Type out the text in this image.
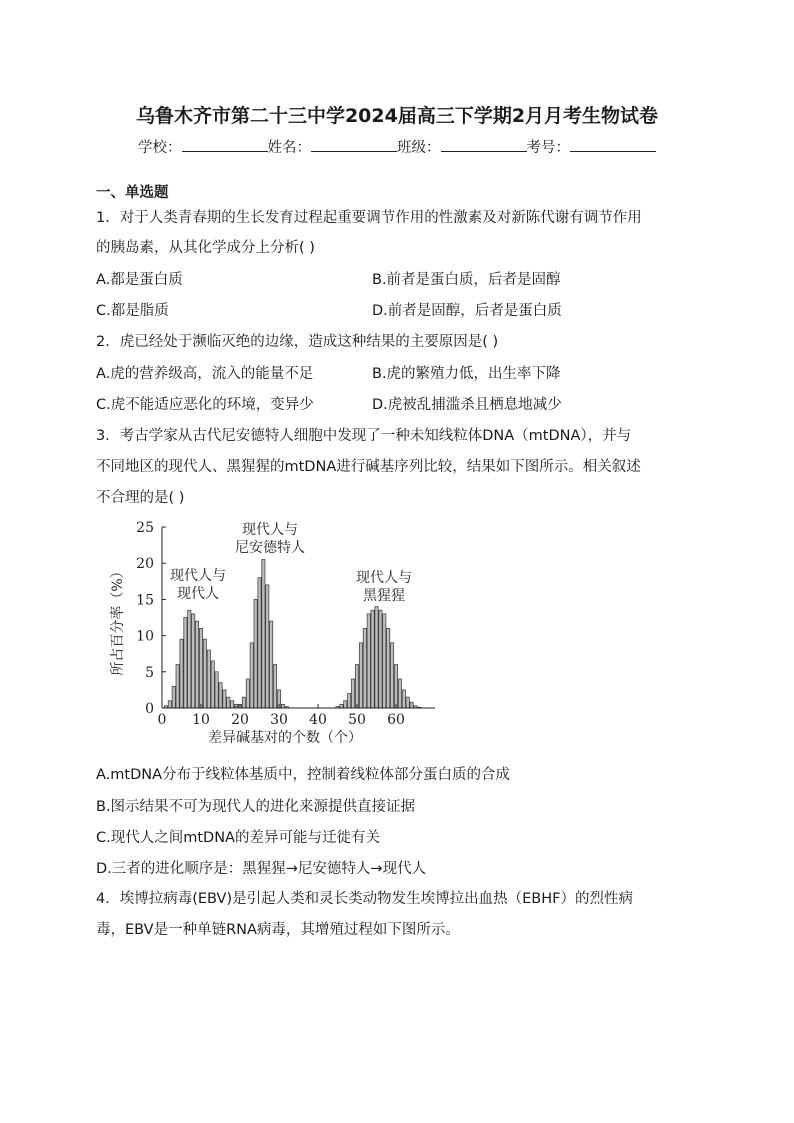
乌鲁木齐市第二十三中学2024届高三下学期2月月考生物试卷
学校：	姓名：	班级：	考号：
一、单选题
1．对于人类青春期的生长发育过程起重要调节作用的性激素及对新陈代谢有调节作用
的胰岛素，从其化学成分上分析( )
A.都是蛋白质	B.前者是蛋白质，后者是固醇
C.都是脂质	D.前者是固醇，后者是蛋白质
2．虎已经处于濒临灭绝的边缘，造成这种结果的主要原因是( )
A.虎的营养级高，流入的能量不足	B.虎的繁殖力低，出生率下降
C.虎不能适应恶化的环境，变异少	D.虎被乱捕滥杀且栖息地减少
3．考古学家从古代尼安德特人细胞中发现了一种未知线粒体DNA（mtDNA），并与
不同地区的现代人、黑猩猩的mtDNA进行碱基序列比较，结果如下图所示。相关叙述
不合理的是( )
0
5
10
15
20
25
0 10 20 30 40 50 60
所占百分率（%）
差异碱基对的个数（个）
现代人与
现代人
现代人与
尼安德特人
现代人与
黑猩猩
A.mtDNA分布于线粒体基质中，控制着线粒体部分蛋白质的合成
B.图示结果不可为现代人的进化来源提供直接证据
C.现代人之间mtDNA的差异可能与迁徙有关
D.三者的进化顺序是：黑猩猩→尼安德特人→现代人
4．埃博拉病毒(EBV)是引起人类和灵长类动物发生埃博拉出血热（EBHF）的烈性病
毒，EBV是一种单链RNA病毒，其增殖过程如下图所示。
